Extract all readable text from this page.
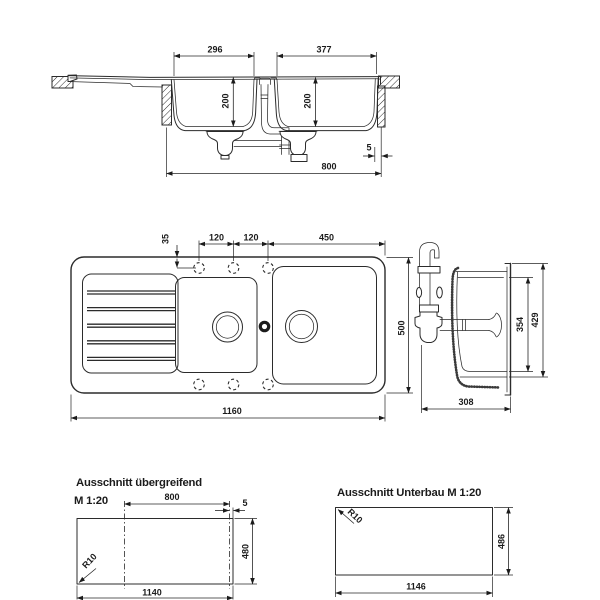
296	377
200	200
5
800
35	120 120	450
1160
500	354 429
308
Ausschnitt übergreifend
M 1:20	800
5
480
1140
R10
Ausschnitt Unterbau M 1:20
R10
486
1146
